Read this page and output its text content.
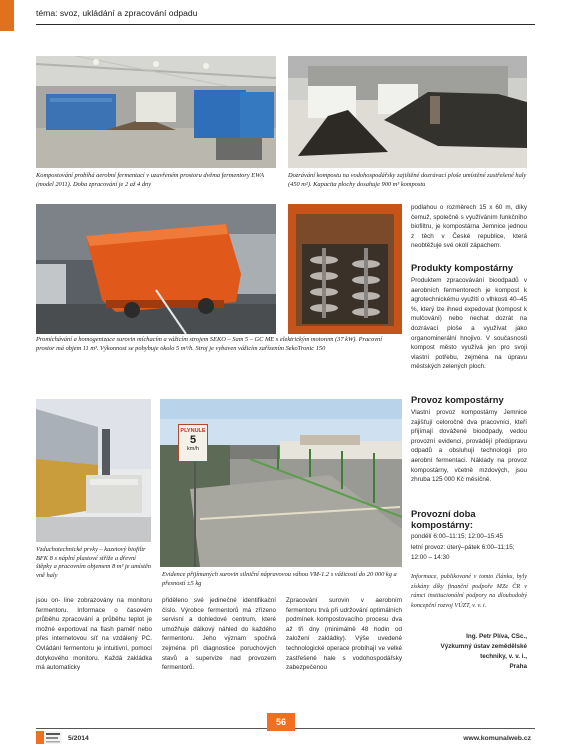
téma: svoz, ukládání a zpracování odpadu
Kompostování probíhá aerobní fermentací v uzavřeném prostoru dvěma fermentory EWA (model 2011). Doba zpracování je 2 až 4 dny
Dozrávání kompostu na vodohospodářsky zajištěné dozrávací ploše umístěné zastřešené haly (450 m²). Kapacita plochy dosahuje 900 m³ kompostu
Promíchávání a homogenizace surovin míchacím a vážicím strojem SEKO – Sam 5 – GC ME s elektrickým motorem (37 kW). Pracovní prostor má objem 11 m³. Výkonnost se pohybuje okolo 5 m³/h. Stroj je vybaven vážicím zařízením SekoTronic 150
Vzduchotechnické prvky – kazetový biofiltr BFK 8 s náplní plastové střiže a dřevní štěpky a pracovním objemem 8 m³ je umístěn vně haly
PLYNULE
5
km/h
Evidence přijímaných surovin silniční nápravovou váhou VM-1.2 s vážicostí do 20 000 kg a přesností ±5 kg
podlahou o rozměrech 15 x 60 m, díky čemuž, společně s využíváním funkčního biofiltru, je kompostárna Jemnice jednou z těch v České republice, která neobtěžuje své okolí zápachem.
Produkty kompostárny
Produktem zpracovávání bioodpadů v aerobních fermentorech je kompost k agrotechnickému využití o vlhkosti 40–45 %, který lze ihned expedovat (kompost k mulčování) nebo nechat dozrát na dozrávací ploše a využívat jako organominerální hnojivo. V současnosti kompost město využívá jen pro svoji vlastní potřebu, zejména na úpravu městských zelených ploch.
Provoz kompostárny
Vlastní provoz kompostárny Jemnice zajišťují celoročně dva pracovníci, kteří přijímají dovážené bioodpady, vedou provozní evidenci, provádějí předúpravu odpadů a obsluhují technologii pro aerobní fermentaci. Náklady na provoz kompostárny, včetně mzdových, jsou zhruba 125 000 Kč měsíčně.
Provozní doba kompostárny:
pondělí 6:00–11:15; 12:00–15:45
letní provoz: úterý–pátek 6:00–11:15; 12:00 – 14:30
Informace, publikované v tomto článku, byly získány díky finanční podpoře MZe ČR v rámci institucionální podpory na dlouhodobý koncepční rozvoj VÚZT, v. v. i.
Ing. Petr Plíva, CSc.,
Výzkumný ústav zemědělské
techniky, v. v. i.,
Praha
jsou on- line zobrazovány na monitoru fermentoru. Informace o časovém průběhu zpracování a průběhu teplot je možné exportovat na flash paměť nebo přes internetovou síť na vzdálený PC. Ovládání fermentoru je intuitivní, pomocí dotykového monitoru. Každá zakládka má automaticky
přiděleno své jedinečné identifikační číslo. Výrobce fermentorů má zřízeno servisní a dohledové centrum, které umožňuje dálkový náhled do každého fermentoru. Jeho význam spočívá zejména při diagnostice poruchových stavů a supervize nad provozem fermentorů.
Zpracování surovin v aerobním fermentoru trvá při udržování optimálních podmínek kompostovacího procesu dva až tři dny (minimálně 48 hodin od založení zakládky). Výše uvedené technologické operace probíhají ve velké zastřešené hale s vodohospodářsky zabezpečenou
5/2014
56
www.komunalweb.cz
